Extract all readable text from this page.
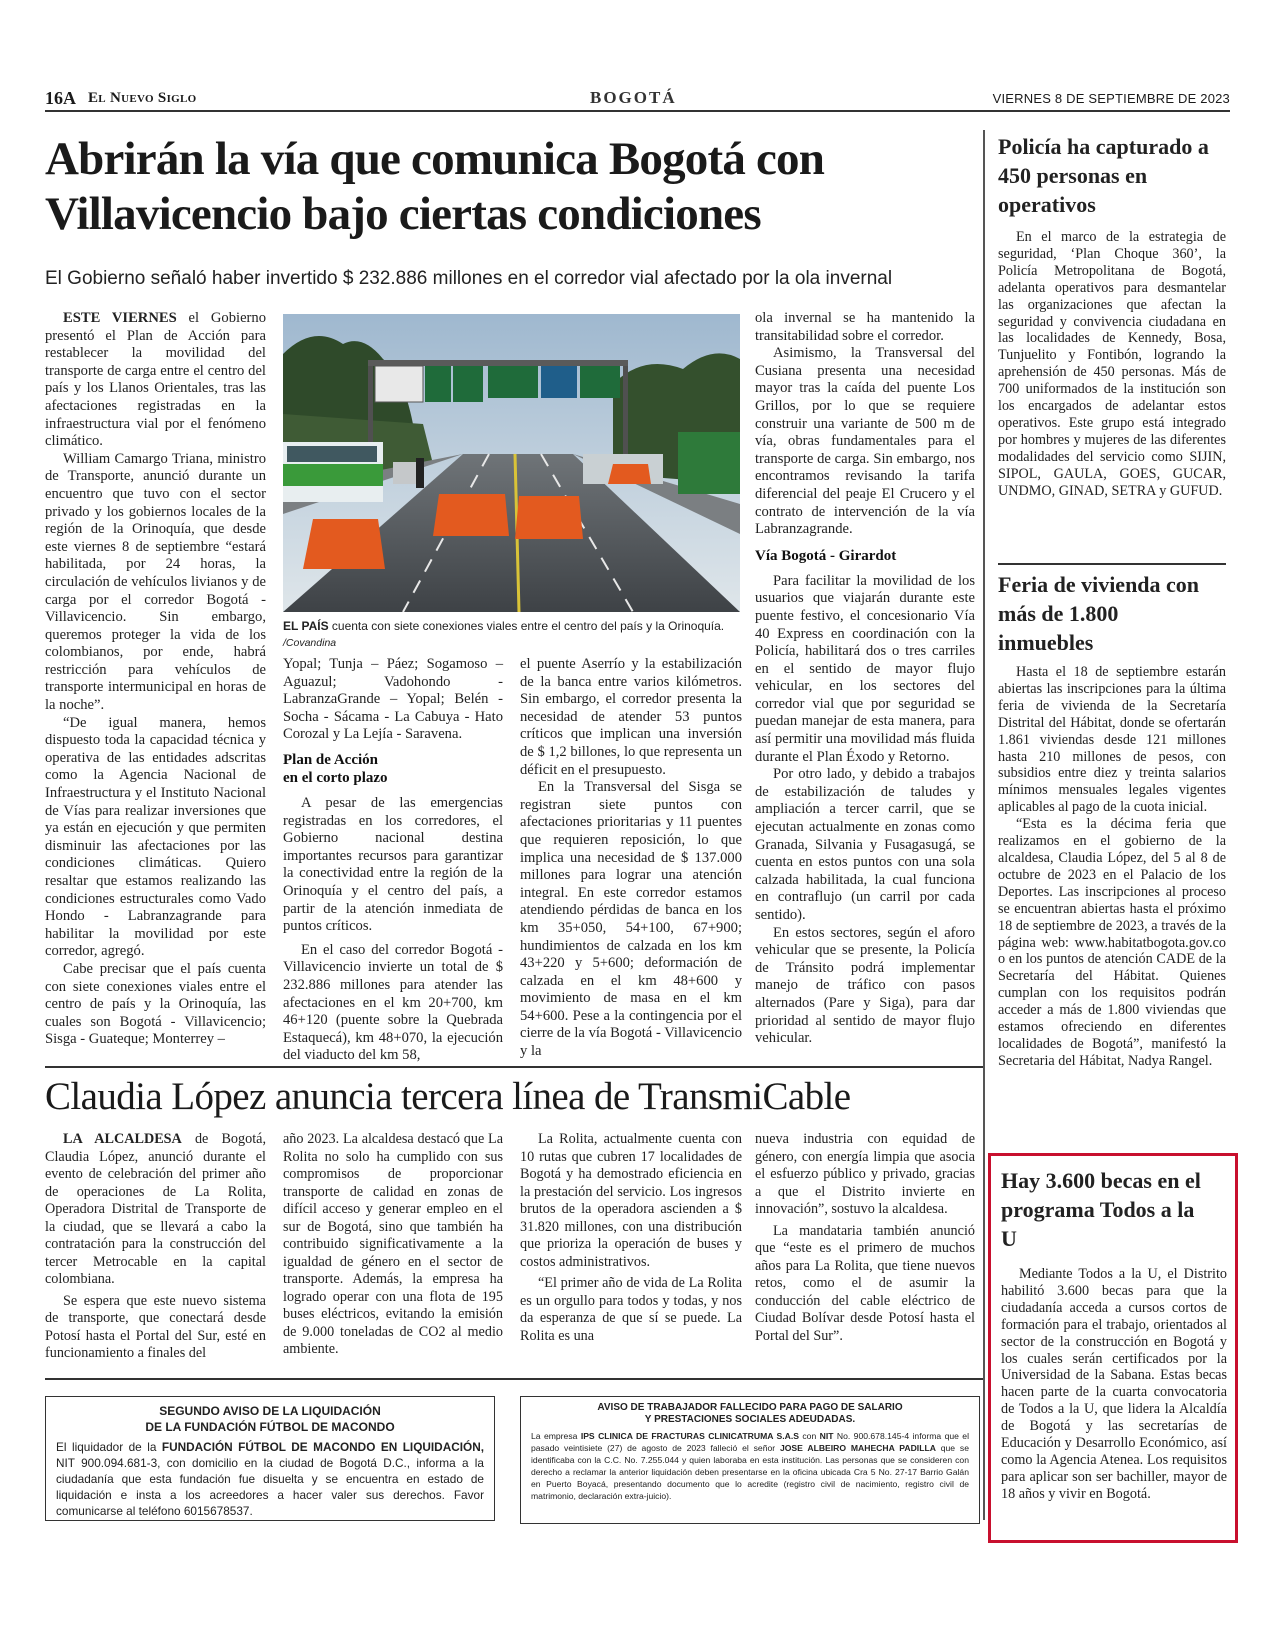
16A El Nuevo Siglo	BOGOTÁ	VIERNES 8 DE SEPTIEMBRE DE 2023
Abrirán la vía que comunica Bogotá con
Villavicencio bajo ciertas condiciones
El Gobierno señaló haber invertido $ 232.886 millones en el corredor vial afectado por la ola invernal

ESTE VIERNES el Gobierno presentó el Plan de Acción para restablecer la movilidad del transporte de carga entre el centro del país y los Llanos Orientales, tras las afectaciones registradas en la infraestructura vial por el fenómeno climático.

William Camargo Triana, ministro de Transporte, anunció durante un encuentro que tuvo con el sector privado y los gobiernos locales de la región de la Orinoquía, que desde este viernes 8 de septiembre “estará habilitada, por 24 horas, la circulación de vehículos livianos y de carga por el corredor Bogotá - Villavicencio. Sin embargo, queremos proteger la vida de los colombianos, por ende, habrá restricción para vehículos de transporte intermunicipal en horas de la noche”.

“De igual manera, hemos dispuesto toda la capacidad técnica y operativa de las entidades adscritas como la Agencia Nacional de Infraestructura y el Instituto Nacional de Vías para realizar inversiones que ya están en ejecución y que permiten disminuir las afectaciones por las condiciones climáticas. Quiero resaltar que estamos realizando las condiciones estructurales como Vado Hondo - Labranzagrande para habilitar la movilidad por este corredor, agregó.

Cabe precisar que el país cuenta con siete conexiones viales entre el centro de país y la Orinoquía, las cuales son Bogotá - Villavicencio; Sisga - Guateque; Monterrey –

EL PAÍS cuenta con siete conexiones viales entre el centro del país y la Orinoquía. /Covandina

Yopal; Tunja – Páez; Sogamoso – Aguazul; Vadohondo - LabranzaGrande – Yopal; Belén - Socha - Sácama - La Cabuya - Hato Corozal y La Lejía - Saravena.

Plan de Acción
en el corto plazo

A pesar de las emergencias registradas en los corredores, el Gobierno nacional destina importantes recursos para garantizar la conectividad entre la región de la Orinoquía y el centro del país, a partir de la atención inmediata de puntos críticos.

En el caso del corredor Bogotá - Villavicencio invierte un total de $ 232.886 millones para atender las afectaciones en el km 20+700, km 46+120 (puente sobre la Quebrada Estaquecá), km 48+070, la ejecución del viaducto del km 58,

el puente Aserrío y la estabilización de la banca entre varios kilómetros. Sin embargo, el corredor presenta la necesidad de atender 53 puntos críticos que implican una inversión de $ 1,2 billones, lo que representa un déficit en el presupuesto.

En la Transversal del Sisga se registran siete puntos con afectaciones prioritarias y 11 puentes que requieren reposición, lo que implica una necesidad de $ 137.000 millones para lograr una atención integral. En este corredor estamos atendiendo pérdidas de banca en los km 35+050, 54+100, 67+900; hundimientos de calzada en los km 43+220 y 5+600; deformación de calzada en el km 48+600 y movimiento de masa en el km 54+600. Pese a la contingencia por el cierre de la vía Bogotá - Villavicencio y la

ola invernal se ha mantenido la transitabilidad sobre el corredor.

Asimismo, la Transversal del Cusiana presenta una necesidad mayor tras la caída del puente Los Grillos, por lo que se requiere construir una variante de 500 m de vía, obras fundamentales para el transporte de carga. Sin embargo, nos encontramos revisando la tarifa diferencial del peaje El Crucero y el contrato de intervención de la vía Labranzagrande.

Vía Bogotá - Girardot

Para facilitar la movilidad de los usuarios que viajarán durante este puente festivo, el concesionario Vía 40 Express en coordinación con la Policía, habilitará dos o tres carriles en el sentido de mayor flujo vehicular, en los sectores del corredor vial que por seguridad se puedan manejar de esta manera, para así permitir una movilidad más fluida durante el Plan Éxodo y Retorno.

Por otro lado, y debido a trabajos de estabilización de taludes y ampliación a tercer carril, que se ejecutan actualmente en zonas como Granada, Silvania y Fusagasugá, se cuenta en estos puntos con una sola calzada habilitada, la cual funciona en contraflujo (un carril por cada sentido).

En estos sectores, según el aforo vehicular que se presente, la Policía de Tránsito podrá implementar manejo de tráfico con pasos alternados (Pare y Siga), para dar prioridad al sentido de mayor flujo vehicular.

Claudia López anuncia tercera línea de TransmiCable

LA ALCALDESA de Bogotá, Claudia López, anunció durante el evento de celebración del primer año de operaciones de La Rolita, Operadora Distrital de Transporte de la ciudad, que se llevará a cabo la contratación para la construcción del tercer Metrocable en la capital colombiana.

Se espera que este nuevo sistema de transporte, que conectará desde Potosí hasta el Portal del Sur, esté en funcionamiento a finales del

año 2023. La alcaldesa destacó que La Rolita no solo ha cumplido con sus compromisos de proporcionar transporte de calidad en zonas de difícil acceso y generar empleo en el sur de Bogotá, sino que también ha contribuido significativamente a la igualdad de género en el sector de transporte. Además, la empresa ha logrado operar con una flota de 195 buses eléctricos, evitando la emisión de 9.000 toneladas de CO2 al medio ambiente.

La Rolita, actualmente cuenta con 10 rutas que cubren 17 localidades de Bogotá y ha demostrado eficiencia en la prestación del servicio. Los ingresos brutos de la operadora ascienden a $ 31.820 millones, con una distribución que prioriza la operación de buses y costos administrativos.

“El primer año de vida de La Rolita es un orgullo para todos y todas, y nos da esperanza de que sí se puede. La Rolita es una

nueva industria con equidad de género, con energía limpia que asocia el esfuerzo público y privado, gracias a que el Distrito invierte en innovación”, sostuvo la alcaldesa.

La mandataria también anunció que “este es el primero de muchos años para La Rolita, que tiene nuevos retos, como el de asumir la conducción del cable eléctrico de Ciudad Bolívar desde Potosí hasta el Portal del Sur”.

SEGUNDO AVISO DE LA LIQUIDACIÓN
DE LA FUNDACIÓN FÚTBOL DE MACONDO
El liquidador de la FUNDACIÓN FÚTBOL DE MACONDO EN LIQUIDACIÓN, NIT 900.094.681-3, con domicilio en la ciudad de Bogotá D.C., informa a la ciudadanía que esta fundación fue disuelta y se encuentra en estado de liquidación e insta a los acreedores a hacer valer sus derechos. Favor comunicarse al teléfono 6015678537.
AVISO DE TRABAJADOR FALLECIDO PARA PAGO DE SALARIO
Y PRESTACIONES SOCIALES ADEUDADAS.
La empresa IPS CLINICA DE FRACTURAS CLINICATRUMA S.A.S con NIT No. 900.678.145-4 informa que el pasado veintisiete (27) de agosto de 2023 falleció el señor JOSE ALBEIRO MAHECHA PADILLA que se identificaba con la C.C. No. 7.255.044 y quien laboraba en esta institución. Las personas que se consideren con derecho a reclamar la anterior liquidación deben presentarse en la oficina ubicada Cra 5 No. 27-17 Barrio Galán en Puerto Boyacá, presentando documento que lo acredite (registro civil de nacimiento, registro civil de matrimonio, declaración extra-juicio).
Policía ha capturado a 450 personas en operativos

En el marco de la estrategia de seguridad, ‘Plan Choque 360’, la Policía Metropolitana de Bogotá, adelanta operativos para desmantelar las organizaciones que afectan la seguridad y convivencia ciudadana en las localidades de Kennedy, Bosa, Tunjuelito y Fontibón, logrando la aprehensión de 450 personas. Más de 700 uniformados de la institución son los encargados de adelantar estos operativos. Este grupo está integrado por hombres y mujeres de las diferentes modalidades del servicio como SIJIN, SIPOL, GAULA, GOES, GUCAR, UNDMO, GINAD, SETRA y GUFUD.

Feria de vivienda con más de 1.800 inmuebles

Hasta el 18 de septiembre estarán abiertas las inscripciones para la última feria de vivienda de la Secretaría Distrital del Hábitat, donde se ofertarán 1.861 viviendas desde 121 millones hasta 210 millones de pesos, con subsidios entre diez y treinta salarios mínimos mensuales legales vigentes aplicables al pago de la cuota inicial.

“Esta es la décima feria que realizamos en el gobierno de la alcaldesa, Claudia López, del 5 al 8 de octubre de 2023 en el Palacio de los Deportes. Las inscripciones al proceso se encuentran abiertas hasta el próximo 18 de septiembre de 2023, a través de la página web: www.habitatbogota.gov.co o en los puntos de atención CADE de la Secretaría del Hábitat. Quienes cumplan con los requisitos podrán acceder a más de 1.800 viviendas que estamos ofreciendo en diferentes localidades de Bogotá”, manifestó la Secretaria del Hábitat, Nadya Rangel.

Hay 3.600 becas en el programa Todos a la U

Mediante Todos a la U, el Distrito habilitó 3.600 becas para que la ciudadanía acceda a cursos cortos de formación para el trabajo, orientados al sector de la construcción en Bogotá y los cuales serán certificados por la Universidad de la Sabana. Estas becas hacen parte de la cuarta convocatoria de Todos a la U, que lidera la Alcaldía de Bogotá y las secretarías de Educación y Desarrollo Económico, así como la Agencia Atenea. Los requisitos para aplicar son ser bachiller, mayor de 18 años y vivir en Bogotá.
